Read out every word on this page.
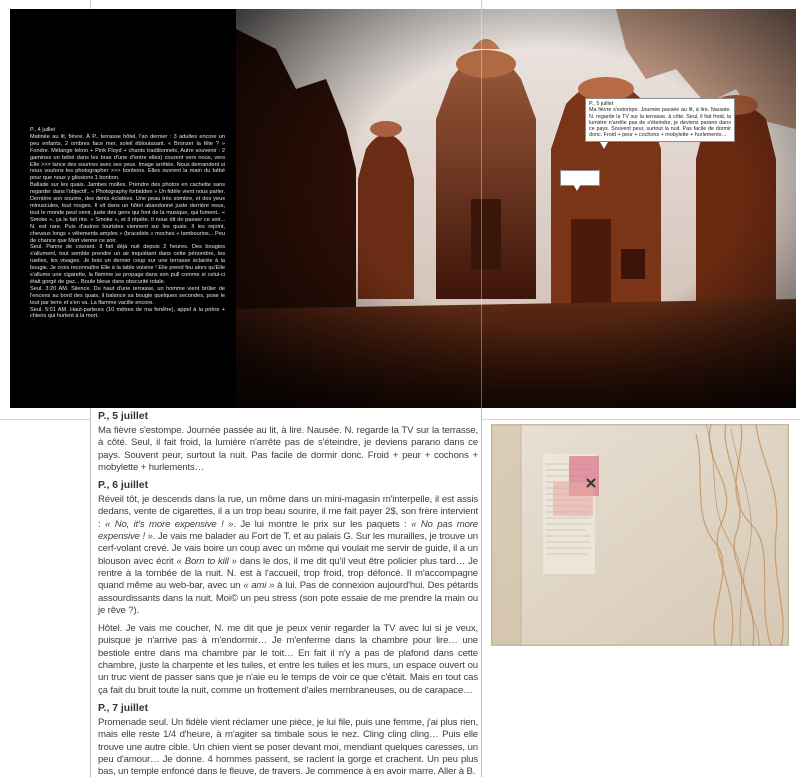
P., 4 juillet

Matinée au lit, fièvre. À P., terrasse hôtel, l'an dernier : 3 adultes encore un peu enfants, 2 ombres face mer, soleil éblouissant. « Bronzer la tête ? » Fondre. Mélange tekno + Pink Floyd + chants traditionnels. Autre souvenir : 2 gamines un bébé dans les bras d'une d'entre elles) courent vers nous, vers Elle >>> lance des sourires avec ses yeux. Image arrêtée. Nous demandent si nous voulons les photographer >>> bonbons. Elles ouvrent la main du bébé pour que nous y glissions 1 bonbon.

Ballade sur les quais. Jambes molles. Prendre des photos en cachette sans regarder dans l'objectif.. « Photography forbidden » Un fidèle vient nous parler. Dernière son sourire, des dents éclatées. Une peau très sombre, et des yeux minuscules, tout rouges. Il vit dans un hôtel abandonné juste derrière nous, tout le monde peut venir, juste des gens qui font de la musique, qui fument.. « Smoke », ça le fait rire. « Smoke », et il répète. Il nous dit de passer ce soir... N. est rare. Puis d'autres touristes viennent sur les quais. Il les rejoint, cheveux longs « vêtements amples » (bracelets « moches » tambourins... Peu de chance que Mort vienne ce soir.

Seul. Panne de courant. Il fait déjà nuit depuis 2 heures. Des bougies s'allument, tout semble prendre un air inquiétant dans cette pénombre, les ruelles, les visages. Je bois un dernier coup sur une terrasse éclairée à la bougie. Je crois reconnaître Elle à la table voisine ! Elle prend feu alors qu'Elle s'allume une cigarette, la flamme se propage dans son pull comme si celui-ci était gorgé de gaz... Boule bleue dans obscurité totale.

Seul. 3:20 AM. Silence. Du haut d'une terrasse, un homme vient brûler de l'encens au bord des quais, il balance sa bougie quelques secondes, pose le tout par terre et s'en va. La flamme vacille encore.

Seul. 5:01 AM. Haut-parleurs (10 mètres de ma fenêtre), appel à la prière + chiens qui hurlent à la mort.

P., 5 juillet
Ma fièvre s'estompe. Journée passée au lit, à lire. Nausée. N. regarde la TV sur la terrasse, à côté. Seul, il fait froid, la lumière n'arrête pas de s'éteindre, je deviens parano dans ce pays. Souvent peur, surtout la nuit. Pas facile de dormir donc. Froid + peur + cochons + mobylette + hurlements…

P., 5 juillet

Ma fièvre s'estompe. Journée passée au lit, à lire. Nausée. N. regarde la TV sur la terrasse, à côté. Seul, il fait froid, la lumière n'arrête pas de s'éteindre, je deviens parano dans ce pays. Souvent peur, surtout la nuit. Pas facile de dormir donc. Froid + peur + cochons + mobylette + hurlements…

P., 6 juillet

Réveil tôt, je descends dans la rue, un môme dans un mini-magasin m'interpelle, il est assis dedans, vente de cigarettes, il a un trop beau sourire, il me fait payer 2$, son frère intervient : « No, it's more expensive ! ». Je lui montre le prix sur les paquets : « No pas more expensive ! ». Je vais me balader au Fort de T. et au palais G. Sur les murailles, je trouve un cerf-volant crevé. Je vais boire un coup avec un môme qui voulait me servir de guide, il a un blouson avec écrit « Born to kill » dans le dos, il me dit qu'il veut être policier plus tard… Je rentre à la tombée de la nuit. N. est à l'accueil, trop froid, trop défoncé. Il m'accompagne quand même au web-bar, avec un « ami » à lui. Pas de connexion aujourd'hui. Des pétards assourdissants dans la nuit. Moi© un peu stress (son pote essaie de me prendre la main ou je rêve ?).

Hôtel. Je vais me coucher, N. me dit que je peux venir regarder la TV avec lui si je veux, puisque je n'arrive pas à m'endormir… Je m'enferme dans la chambre pour lire… une bestiole entre dans ma chambre par le toit… En fait il n'y a pas de plafond dans cette chambre, juste la charpente et les tuiles, et entre les tuiles et les murs, un espace ouvert ou un truc vient de passer sans que je n'aie eu le temps de voir ce que c'était. Mais en tout cas ça fait du bruit toute la nuit, comme un frottement d'ailes membraneuses, ou de carapace…

P., 7 juillet

Promenade seul. Un fidèle vient réclamer une pièce, je lui file, puis une femme, j'ai plus rien, mais elle reste 1/4 d'heure, à m'agiter sa timbale sous le nez. Cling cling cling… Puis elle trouve une autre cible. Un chien vient se poser devant moi, mendiant quelques caresses, un peu d'amour… Je donne. 4 hommes passent, se raclent la gorge et crachent. Un peu plus bas, un temple enfoncé dans le fleuve, de travers. Je commence à en avoir marre. Aller à B.
